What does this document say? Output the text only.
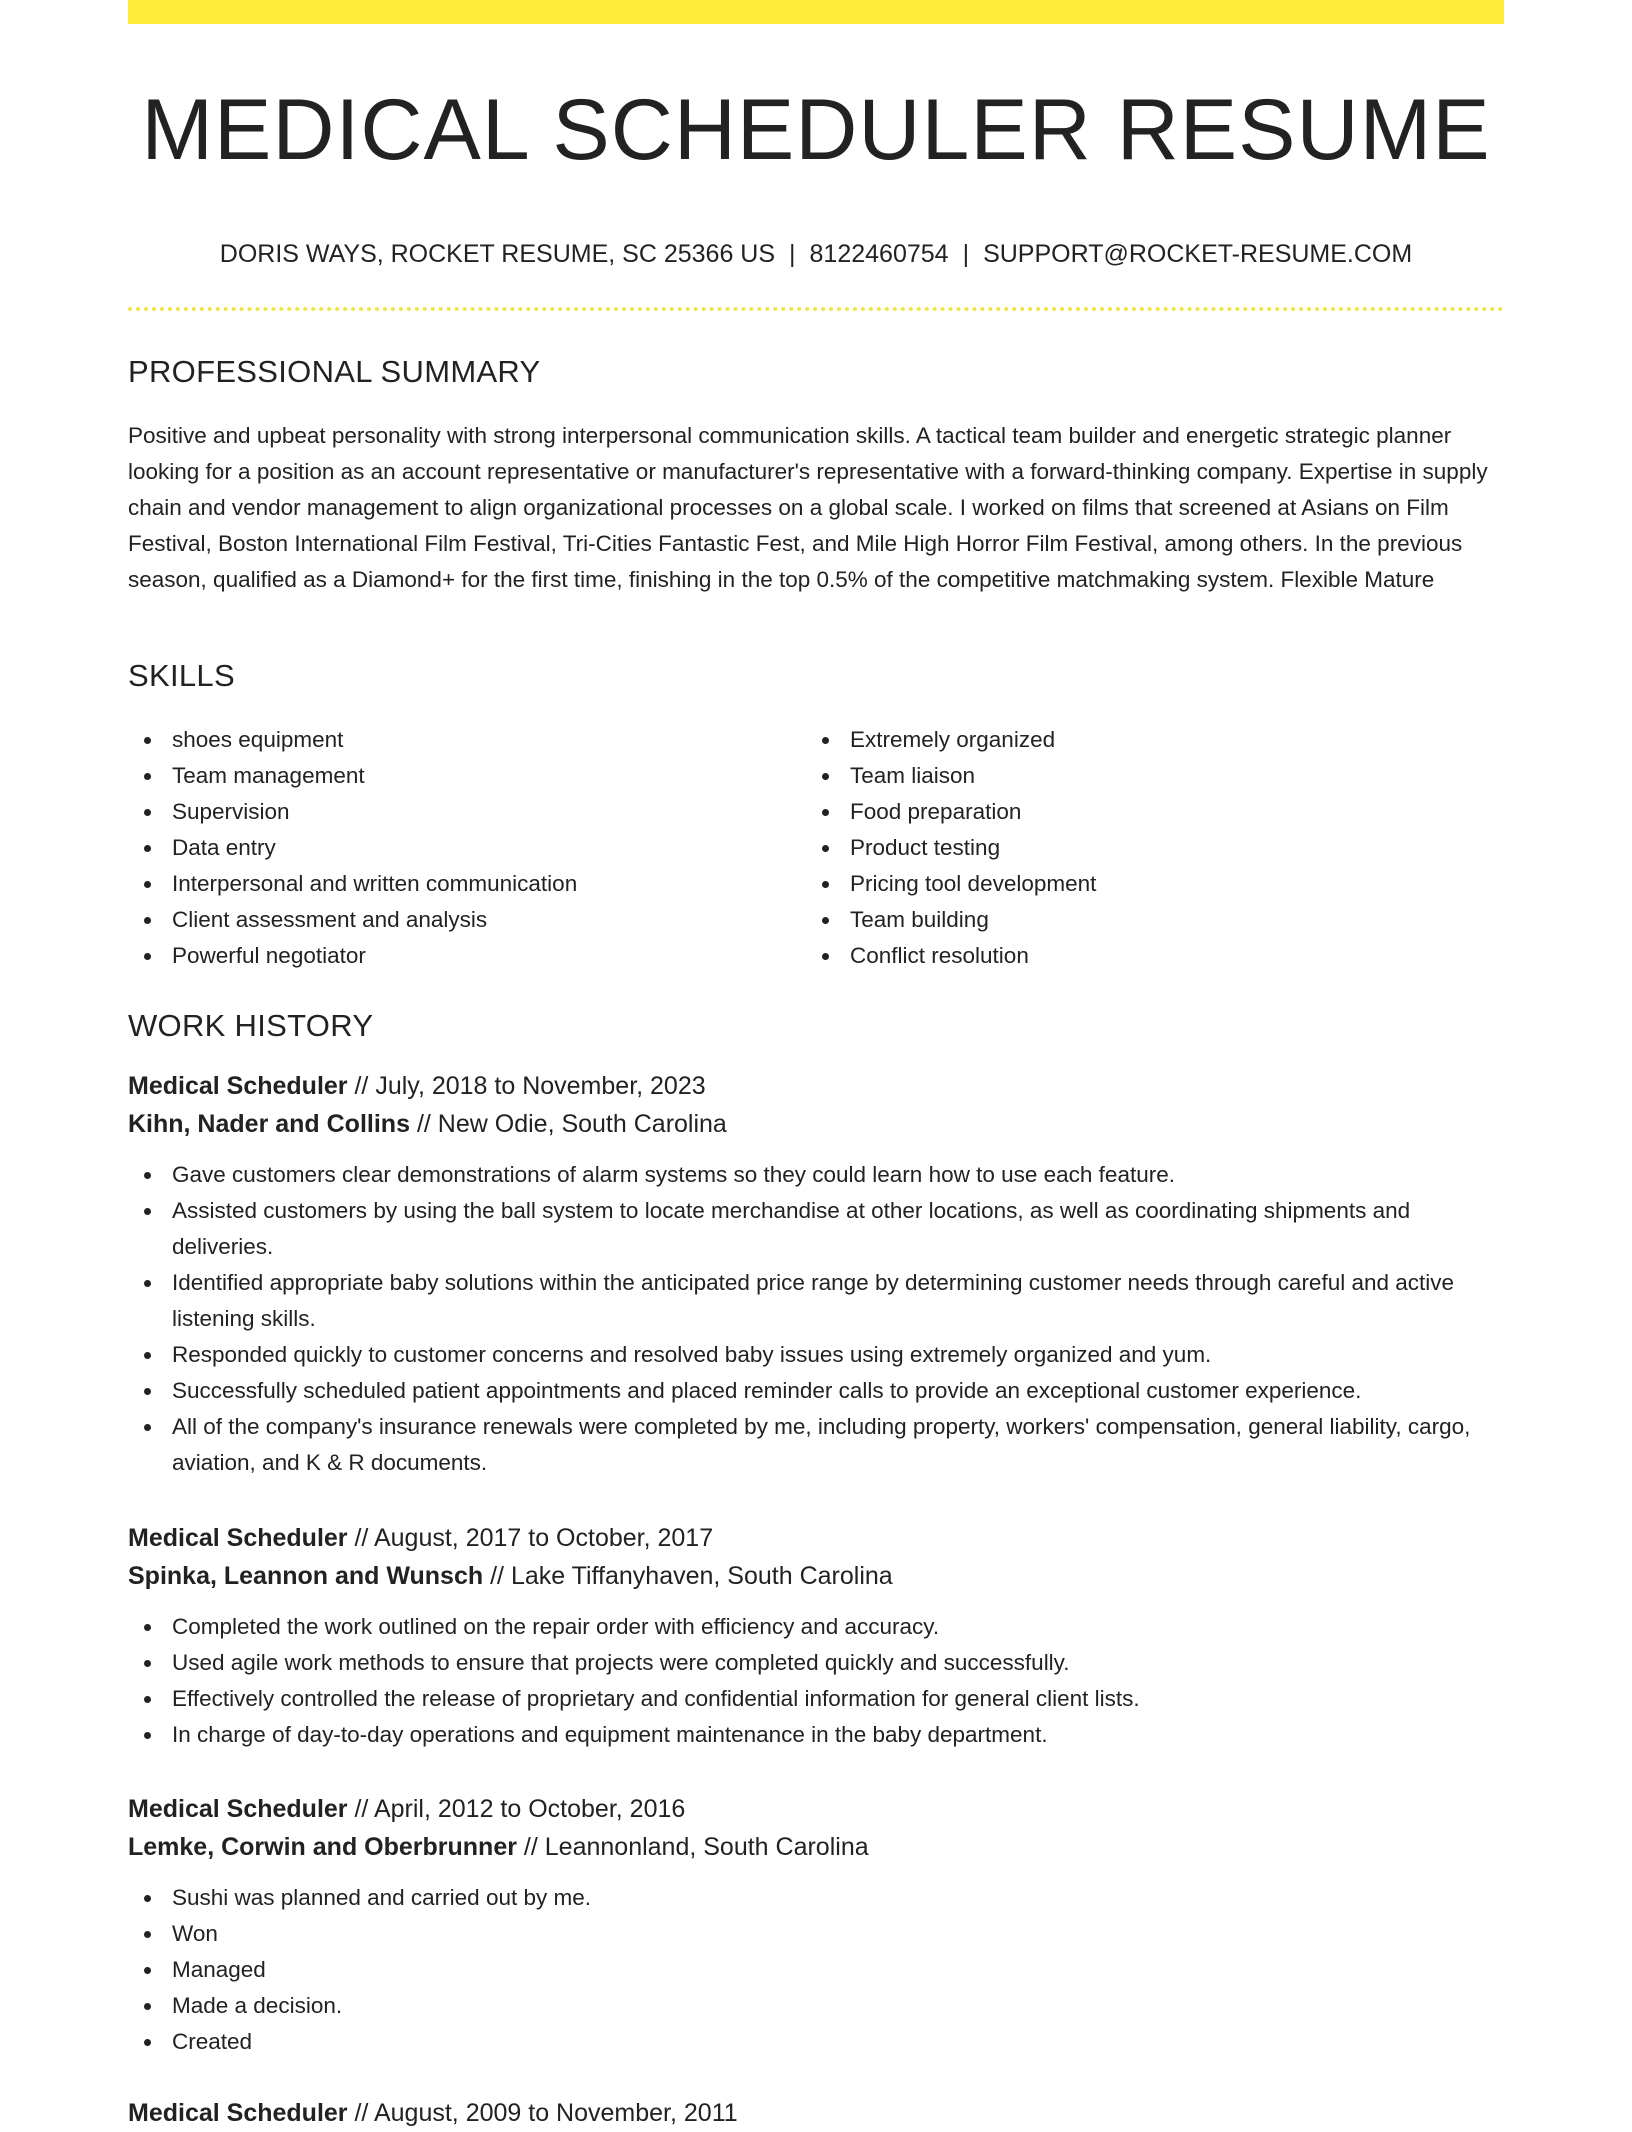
MEDICAL SCHEDULER RESUME
DORIS WAYS, ROCKET RESUME, SC 25366 US | 8122460754 | SUPPORT@ROCKET-RESUME.COM
PROFESSIONAL SUMMARY

Positive and upbeat personality with strong interpersonal communication skills. A tactical team builder and energetic strategic planner looking for a position as an account representative or manufacturer's representative with a forward-thinking company. Expertise in supply chain and vendor management to align organizational processes on a global scale. I worked on films that screened at Asians on Film Festival, Boston International Film Festival, Tri-Cities Fantastic Fest, and Mile High Horror Film Festival, among others. In the previous season, qualified as a Diamond+ for the first time, finishing in the top 0.5% of the competitive matchmaking system. Flexible Mature

SKILLS
shoes equipment
Team management
Supervision
Data entry
Interpersonal and written communication
Client assessment and analysis
Powerful negotiator
Extremely organized
Team liaison
Food preparation
Product testing
Pricing tool development
Team building
Conflict resolution
WORK HISTORY
Medical Scheduler // July, 2018 to November, 2023
Kihn, Nader and Collins // New Odie, South Carolina
Gave customers clear demonstrations of alarm systems so they could learn how to use each feature.
Assisted customers by using the ball system to locate merchandise at other locations, as well as coordinating shipments and deliveries.
Identified appropriate baby solutions within the anticipated price range by determining customer needs through careful and active listening skills.
Responded quickly to customer concerns and resolved baby issues using extremely organized and yum.
Successfully scheduled patient appointments and placed reminder calls to provide an exceptional customer experience.
All of the company's insurance renewals were completed by me, including property, workers' compensation, general liability, cargo, aviation, and K & R documents.
Medical Scheduler // August, 2017 to October, 2017
Spinka, Leannon and Wunsch // Lake Tiffanyhaven, South Carolina
Completed the work outlined on the repair order with efficiency and accuracy.
Used agile work methods to ensure that projects were completed quickly and successfully.
Effectively controlled the release of proprietary and confidential information for general client lists.
In charge of day-to-day operations and equipment maintenance in the baby department.
Medical Scheduler // April, 2012 to October, 2016
Lemke, Corwin and Oberbrunner // Leannonland, South Carolina
Sushi was planned and carried out by me.
Won
Managed
Made a decision.
Created
Medical Scheduler // August, 2009 to November, 2011
